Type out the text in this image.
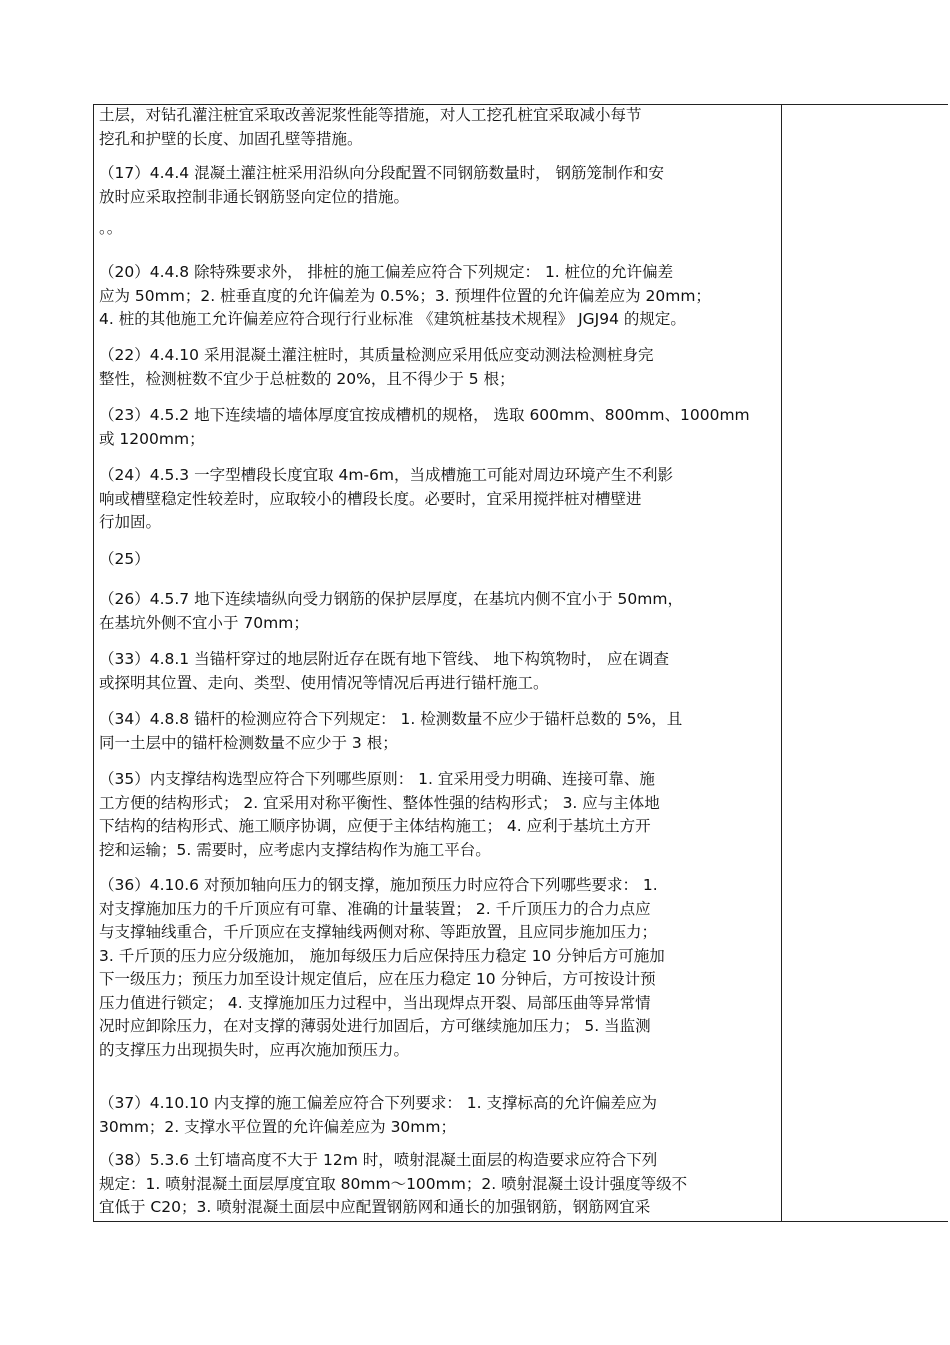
土层，对钻孔灌注桩宜采取改善泥浆性能等措施，对人工挖孔桩宜采取减小每节
挖孔和护壁的长度、加固孔壁等措施。
（17）4.4.4 混凝土灌注桩采用沿纵向分段配置不同钢筋数量时， 钢筋笼制作和安
放时应采取控制非通长钢筋竖向定位的措施。
。。
（20）4.4.8 除特殊要求外， 排桩的施工偏差应符合下列规定： 1. 桩位的允许偏差
应为 50mm；2. 桩垂直度的允许偏差为 0.5%；3. 预埋件位置的允许偏差应为 20mm；
4. 桩的其他施工允许偏差应符合现行行业标准 《建筑桩基技术规程》 JGJ94 的规定。
（22）4.4.10 采用混凝土灌注桩时，其质量检测应采用低应变动测法检测桩身完
整性，检测桩数不宜少于总桩数的 20%，且不得少于 5 根；
（23）4.5.2 地下连续墙的墙体厚度宜按成槽机的规格， 选取 600mm、800mm、1000mm
或 1200mm；
（24）4.5.3 一字型槽段长度宜取 4m-6m，当成槽施工可能对周边环境产生不利影
响或槽壁稳定性较差时，应取较小的槽段长度。必要时，宜采用搅拌桩对槽壁进
行加固。
（25）
（26）4.5.7 地下连续墙纵向受力钢筋的保护层厚度，在基坑内侧不宜小于 50mm，
在基坑外侧不宜小于 70mm；
（33）4.8.1 当锚杆穿过的地层附近存在既有地下管线、 地下构筑物时， 应在调查
或探明其位置、走向、类型、使用情况等情况后再进行锚杆施工。
（34）4.8.8 锚杆的检测应符合下列规定： 1. 检测数量不应少于锚杆总数的 5%，且
同一土层中的锚杆检测数量不应少于 3 根；
（35）内支撑结构选型应符合下列哪些原则： 1. 宜采用受力明确、连接可靠、施
工方便的结构形式； 2. 宜采用对称平衡性、整体性强的结构形式； 3. 应与主体地
下结构的结构形式、施工顺序协调，应便于主体结构施工； 4. 应利于基坑土方开
挖和运输；5. 需要时，应考虑内支撑结构作为施工平台。
（36）4.10.6 对预加轴向压力的钢支撑，施加预压力时应符合下列哪些要求： 1.
对支撑施加压力的千斤顶应有可靠、准确的计量装置； 2. 千斤顶压力的合力点应
与支撑轴线重合，千斤顶应在支撑轴线两侧对称、等距放置，且应同步施加压力；
3. 千斤顶的压力应分级施加， 施加每级压力后应保持压力稳定 10 分钟后方可施加
下一级压力；预压力加至设计规定值后，应在压力稳定 10 分钟后，方可按设计预
压力值进行锁定； 4. 支撑施加压力过程中，当出现焊点开裂、局部压曲等异常情
况时应卸除压力，在对支撑的薄弱处进行加固后，方可继续施加压力； 5. 当监测
的支撑压力出现损失时，应再次施加预压力。
（37）4.10.10 内支撑的施工偏差应符合下列要求： 1. 支撑标高的允许偏差应为
30mm；2. 支撑水平位置的允许偏差应为 30mm；
（38）5.3.6 土钉墙高度不大于 12m 时，喷射混凝土面层的构造要求应符合下列
规定：1. 喷射混凝土面层厚度宜取 80mm～100mm；2. 喷射混凝土设计强度等级不
宜低于 C20；3. 喷射混凝土面层中应配置钢筋网和通长的加强钢筋，钢筋网宜采
